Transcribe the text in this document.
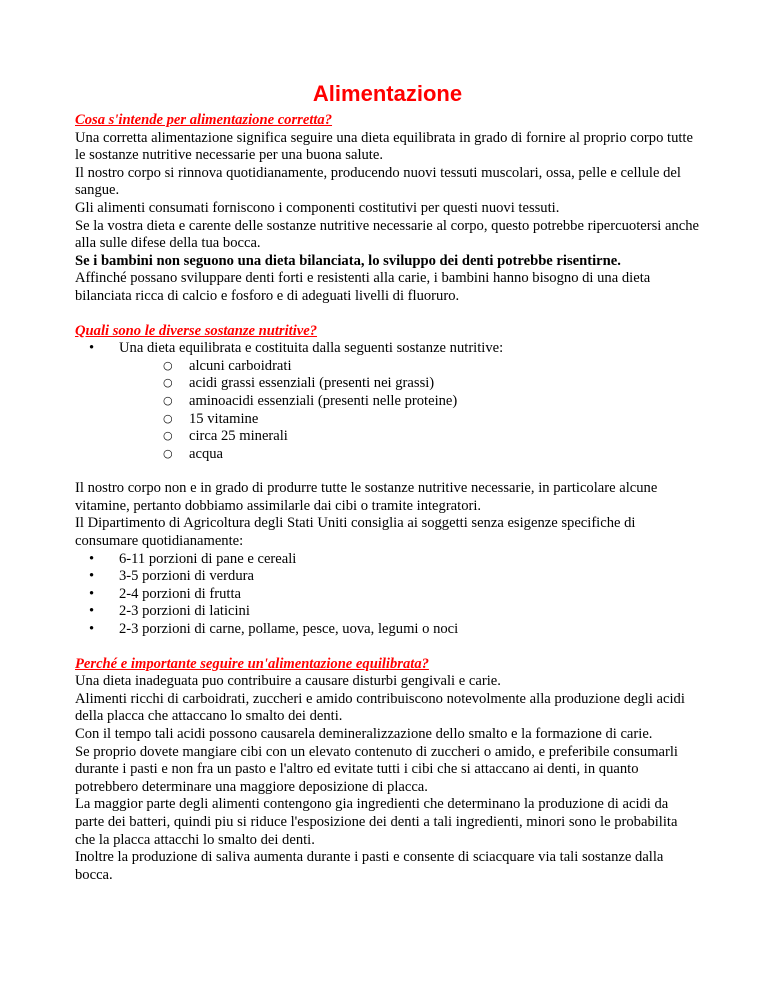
Alimentazione

Cosa s'intende per alimentazione corretta?

Una corretta alimentazione significa seguire una dieta equilibrata in grado di fornire al proprio corpo tutte le sostanze nutritive necessarie per una buona salute.

Il nostro corpo si rinnova quotidianamente, producendo nuovi tessuti muscolari, ossa, pelle e cellule del sangue.

Gli alimenti consumati forniscono i componenti costitutivi per questi nuovi tessuti.

Se la vostra dieta e carente delle sostanze nutritive necessarie al corpo, questo potrebbe ripercuotersi anche alla sulle difese della tua bocca.

Se i bambini non seguono una dieta bilanciata, lo sviluppo dei denti potrebbe risentirne.

Affinché possano sviluppare denti forti e resistenti alla carie, i bambini hanno bisogno di una dieta bilanciata ricca di calcio e fosforo e di adeguati livelli di fluoruro.

Quali sono le diverse sostanze nutritive?

• Una dieta equilibrata e costituita dalla seguenti sostanze nutritive:
○ alcuni carboidrati
○ acidi grassi essenziali (presenti nei grassi)
○ aminoacidi essenziali (presenti nelle proteine)
○ 15 vitamine
○ circa 25 minerali
○ acqua

Il nostro corpo non e in grado di produrre tutte le sostanze nutritive necessarie, in particolare alcune vitamine, pertanto dobbiamo assimilarle dai cibi o tramite integratori.

Il Dipartimento di Agricoltura degli Stati Uniti consiglia ai soggetti senza esigenze specifiche di consumare quotidianamente:

• 6-11 porzioni di pane e cereali
• 3-5 porzioni di verdura
• 2-4 porzioni di frutta
• 2-3 porzioni di laticini
• 2-3 porzioni di carne, pollame, pesce, uova, legumi o noci

Perché e importante seguire un'alimentazione equilibrata?

Una dieta inadeguata puo contribuire a causare disturbi gengivali e carie.

Alimenti ricchi di carboidrati, zuccheri e amido contribuiscono notevolmente alla produzione degli acidi della placca che attaccano lo smalto dei denti.

Con il tempo tali acidi possono causarela demineralizzazione dello smalto e la formazione di carie.

Se proprio dovete mangiare cibi con un elevato contenuto di zuccheri o amido, e preferibile consumarli durante i pasti e non fra un pasto e l'altro ed evitate tutti i cibi che si attaccano ai denti, in quanto potrebbero determinare una maggiore deposizione di placca.

La maggior parte degli alimenti contengono gia ingredienti che determinano la produzione di acidi da parte dei batteri, quindi piu si riduce l'esposizione dei denti a tali ingredienti, minori sono le probabilita che la placca attacchi lo smalto dei denti.

Inoltre la produzione di saliva aumenta durante i pasti e consente di sciacquare via tali sostanze dalla bocca.
